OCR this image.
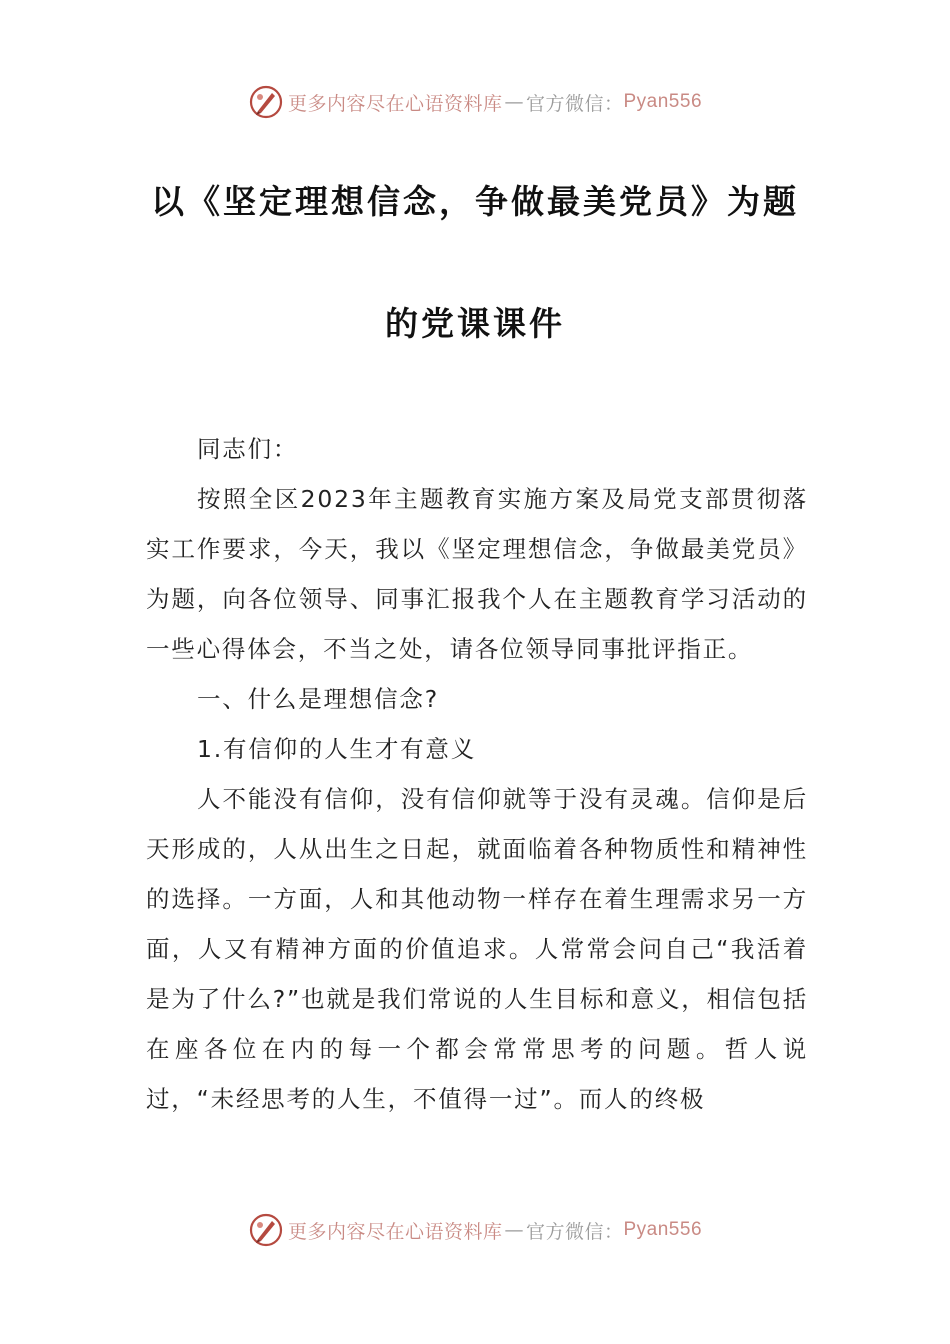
更多内容尽在心语资料库 — 官方微信： Pyan556
以《坚定理想信念，争做最美党员》为题
的党课课件

同志们：

按照全区2023年主题教育实施方案及局党支部贯彻落实工作要求，今天，我以《坚定理想信念，争做最美党员》为题，向各位领导、同事汇报我个人在主题教育学习活动的一些心得体会，不当之处，请各位领导同事批评指正。

一、什么是理想信念?

1.有信仰的人生才有意义

人不能没有信仰，没有信仰就等于没有灵魂。信仰是后天形成的，人从出生之日起，就面临着各种物质性和精神性的选择。一方面，人和其他动物一样存在着生理需求另一方面，人又有精神方面的价值追求。人常常会问自己“我活着是为了什么?”也就是我们常说的人生目标和意义，相信包括在座各位在内的每一个都会常常思考的问题。哲人说过，“未经思考的人生，不值得一过”。而人的终极

更多内容尽在心语资料库 — 官方微信： Pyan556
